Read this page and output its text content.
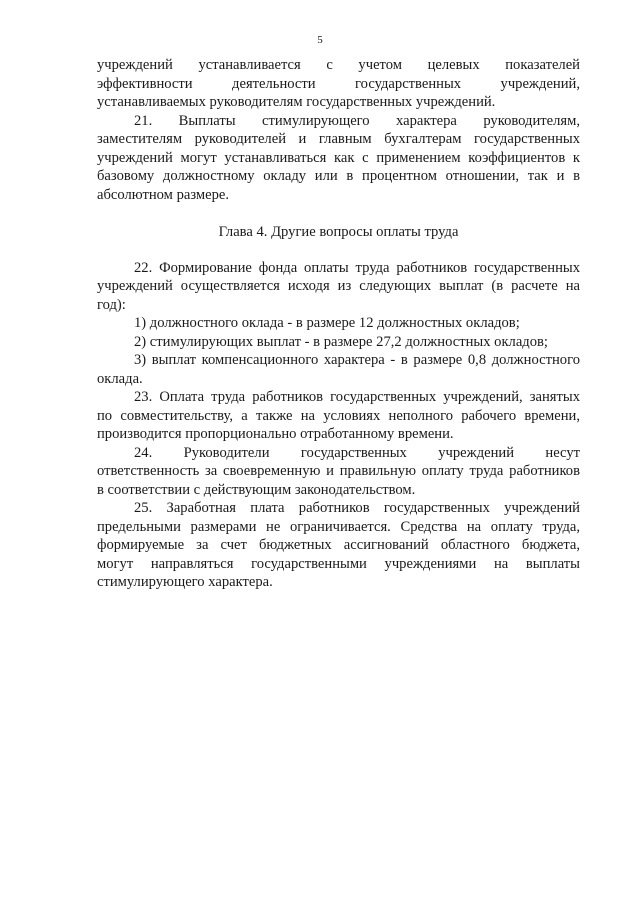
5
учреждений устанавливается с учетом целевых показателей
эффективности деятельности государственных учреждений,
устанавливаемых руководителям государственных учреждений.
21. Выплаты стимулирующего характера руководителям,
заместителям руководителей и главным бухгалтерам государственных
учреждений могут устанавливаться как с применением коэффициентов к
базовому должностному окладу или в процентном отношении, так и в
абсолютном размере.
Глава 4. Другие вопросы оплаты труда
22. Формирование фонда оплаты труда работников государственных
учреждений осуществляется исходя из следующих выплат (в расчете на
год):
1) должностного оклада - в размере 12 должностных окладов;
2) стимулирующих выплат - в размере 27,2 должностных окладов;
3) выплат компенсационного характера - в размере 0,8 должностного
оклада.
23. Оплата труда работников государственных учреждений, занятых
по совместительству, а также на условиях неполного рабочего времени,
производится пропорционально отработанному времени.
24. Руководители государственных учреждений несут
ответственность за своевременную и правильную оплату труда работников
в соответствии с действующим законодательством.
25. Заработная плата работников государственных учреждений
предельными размерами не ограничивается. Средства на оплату труда,
формируемые за счет бюджетных ассигнований областного бюджета,
могут направляться государственными учреждениями на выплаты
стимулирующего характера.
